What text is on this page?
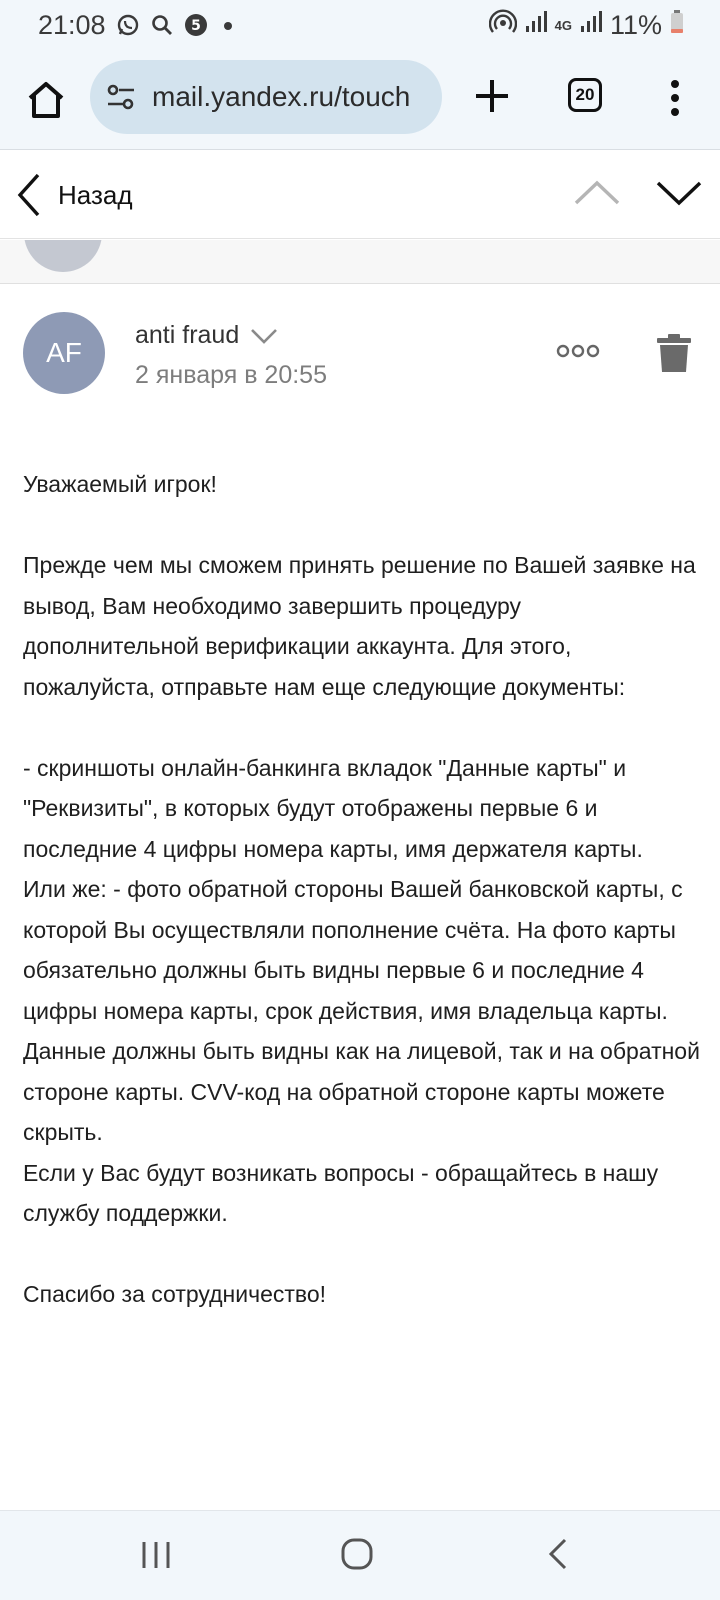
21:08	5	4G 11%
mail.yandex.ru/touch	20
Назад
AF
anti fraud
2 января в 20:55

Уважаемый игрок!

Прежде чем мы сможем принять решение по Вашей заявке на вывод, Вам необходимо завершить процедуру дополнительной верификации аккаунта. Для этого, пожалуйста, отправьте нам еще следующие документы:

- скриншоты онлайн-банкинга вкладок "Данные карты" и "Реквизиты", в которых будут отображены первые 6 и последние 4 цифры номера карты, имя держателя карты.

Или же: - фото обратной стороны Вашей банковской карты, с которой Вы осуществляли пополнение счёта. На фото карты обязательно должны быть видны первые 6 и последние 4 цифры номера карты, срок действия, имя владельца карты. Данные должны быть видны как на лицевой, так и на обратной стороне карты. CVV-код на обратной стороне карты можете скрыть.

Если у Вас будут возникать вопросы - обращайтесь в нашу службу поддержки.

Спасибо за сотрудничество!
